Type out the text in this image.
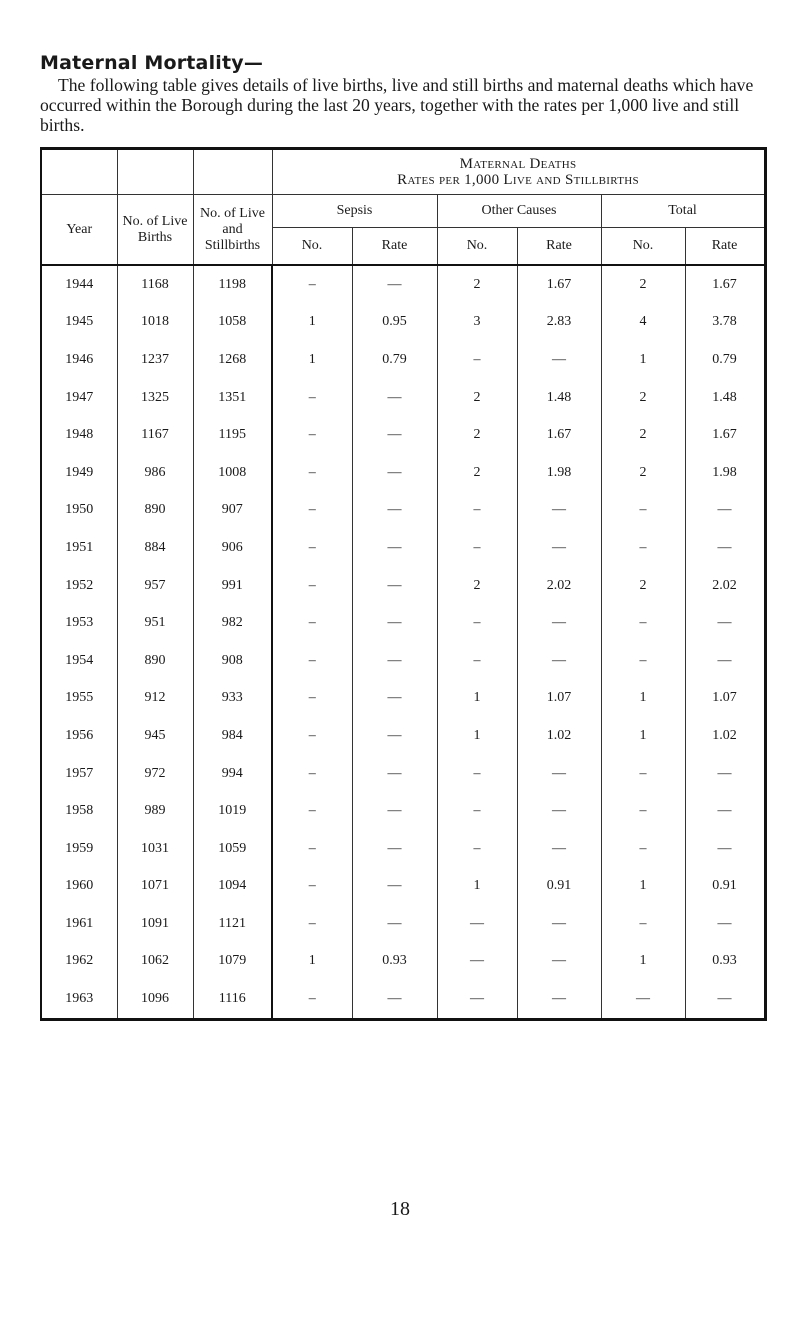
Maternal Mortality—

The following table gives details of live births, live and still births and maternal deaths which have occurred within the Borough during the last 20 years, together with the rates per 1,000 live and still births.

			Maternal Deaths
Rates per 1,000 Live and Stillbirths					

Year	No. of Live Births	No. of Live and Stillbirths	Sepsis		Other Causes		Total	
			No.	Rate	No.	Rate	No.	Rate
1944	1168	1198	–	—	2	1.67	2	1.67
1945	1018	1058	1	0.95	3	2.83	4	3.78
1946	1237	1268	1	0.79	–	—	1	0.79
1947	1325	1351	–	—	2	1.48	2	1.48
1948	1167	1195	–	—	2	1.67	2	1.67
1949	986	1008	–	—	2	1.98	2	1.98
1950	890	907	–	—	–	—	–	—
1951	884	906	–	—	–	—	–	—
1952	957	991	–	—	2	2.02	2	2.02
1953	951	982	–	—	–	—	–	—
1954	890	908	–	—	–	—	–	—
1955	912	933	–	—	1	1.07	1	1.07
1956	945	984	–	—	1	1.02	1	1.02
1957	972	994	–	—	–	—	–	—
1958	989	1019	–	—	–	—	–	—
1959	1031	1059	–	—	–	—	–	—
1960	1071	1094	–	—	1	0.91	1	0.91
1961	1091	1121	–	—	—	—	–	—
1962	1062	1079	1	0.93	—	—	1	0.93
1963	1096	1116	–	—	—	—	—	—
18
